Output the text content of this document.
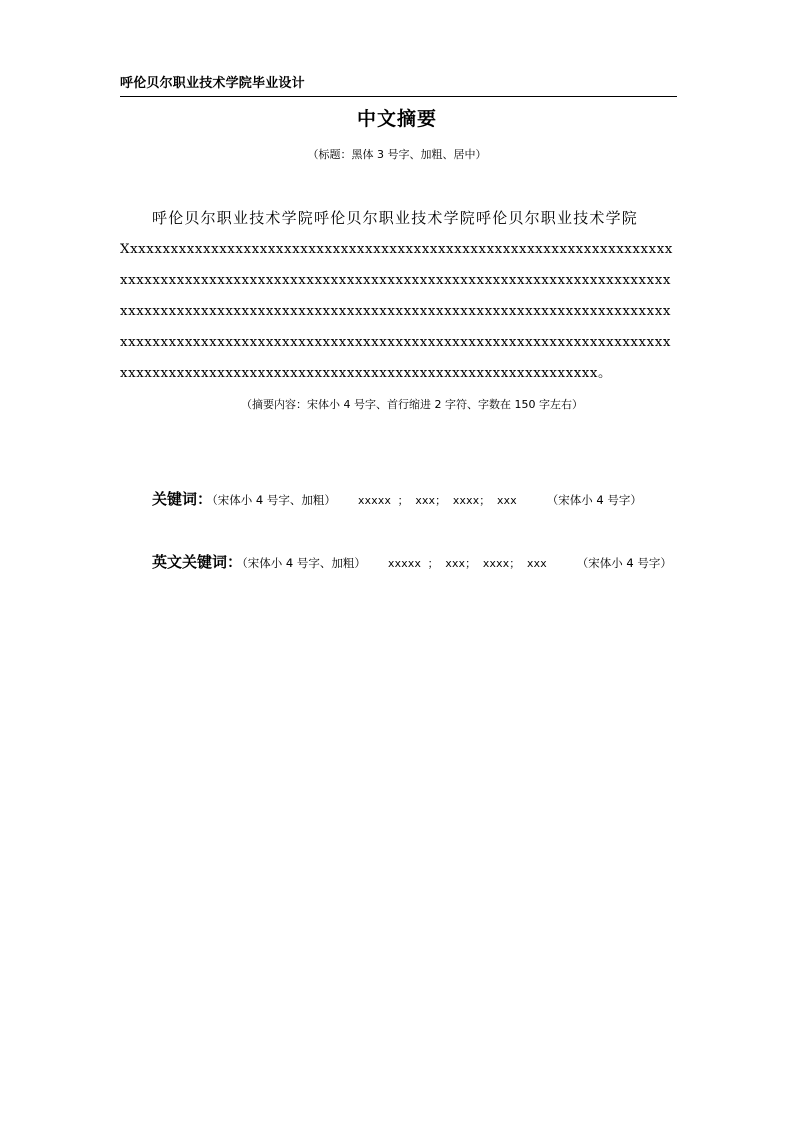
呼伦贝尔职业技术学院毕业设计
中文摘要
（标题：黑体 3 号字、加粗、居中）
呼伦贝尔职业技术学院呼伦贝尔职业技术学院呼伦贝尔职业技术学院
Xxxxxxxxxxxxxxxxxxxxxxxxxxxxxxxxxxxxxxxxxxxxxxxxxxxxxxxxxxxxxxxxxxxxxxxxxxxxxxxxxxxxxxxxxxxxxxxxxxxxxxxxxxxxxxxxxxxxxxxxxxxxxxxxxxxxxxxxxxxxxxxxxxxxxxxxxxxxxxxxxxxxxxxxxxxxxxxxxxxxxxxxxxxxxxxxxxxxxxxxxxxxxxxxxxxxxxxxxxxxxxxxxxxxxxxxxxxxxxxxxxxxxxxxxxxxxxxxxxxxxxxxxxxxxxxxxxxxxxxxxxxxxxxxxxxxxxxxxxxxxxxxxxxxxxxxxxxxxxxxxxxxxxxxxxx。
（摘要内容：宋体小 4 号字、首行缩进 2 字符、字数在 150 字左右）
关键词：（宋体小 4 号字、加粗） xxxxx ； xxx； xxxx； xxx	（宋体小 4 号字）
英文关键词：（宋体小 4 号字、加粗） xxxxx ； xxx； xxxx； xxx	（宋体小 4 号字）
